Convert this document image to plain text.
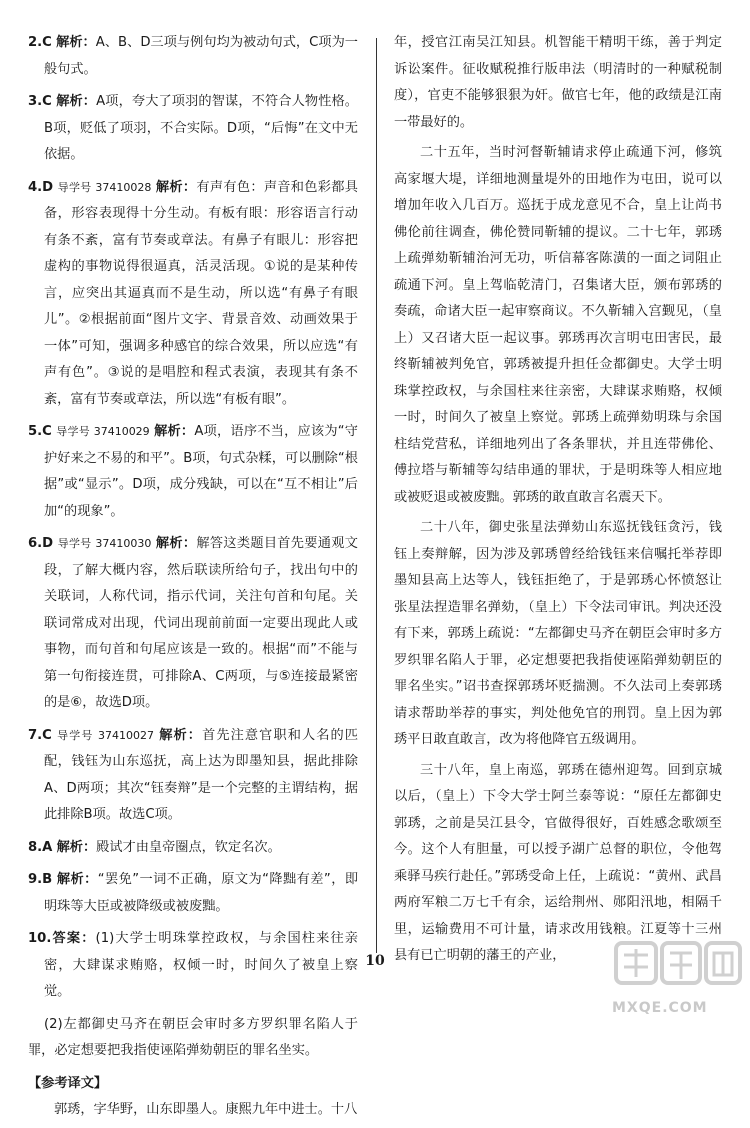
2.C 解析：A、B、D三项与例句均为被动句式，C项为一般句式。
3.C 解析：A项，夸大了项羽的智谋，不符合人物性格。B项，贬低了项羽，不合实际。D项，“后悔”在文中无依据。
4.D 导学号 37410028 解析：有声有色：声音和色彩都具备，形容表现得十分生动。有板有眼：形容语言行动有条不紊，富有节奏或章法。有鼻子有眼儿：形容把虚构的事物说得很逼真，活灵活现。①说的是某种传言，应突出其逼真而不是生动，所以选“有鼻子有眼儿”。②根据前面“图片文字、背景音效、动画效果于一体”可知，强调多种感官的综合效果，所以应选“有声有色”。③说的是唱腔和程式表演，表现其有条不紊，富有节奏或章法，所以选“有板有眼”。
5.C 导学号 37410029 解析：A项，语序不当，应该为“守护好来之不易的和平”。B项，句式杂糅，可以删除“根据”或“显示”。D项，成分残缺，可以在“互不相让”后加“的现象”。
6.D 导学号 37410030 解析：解答这类题目首先要通观文段，了解大概内容，然后联读所给句子，找出句中的关联词，人称代词，指示代词，关注句首和句尾。关联词常成对出现，代词出现前前面一定要出现此人或事物，而句首和句尾应该是一致的。根据“而”不能与第一句衔接连贯，可排除A、C两项，与⑤连接最紧密的是⑥，故选D项。
7.C 导学号 37410027 解析：首先注意官职和人名的匹配，钱钰为山东巡抚，高上达为即墨知县，据此排除A、D两项；其次“钰奏辩”是一个完整的主谓结构，据此排除B项。故选C项。
8.A 解析：殿试才由皇帝圈点，钦定名次。
9.B 解析：“罢免”一词不正确，原文为“降黜有差”，即明珠等大臣或被降级或被废黜。
10.答案：(1)大学士明珠掌控政权，与余国柱来往亲密，大肆谋求贿赂，权倾一时，时间久了被皇上察觉。
(2)左都御史马齐在朝臣会审时多方罗织罪名陷人于罪，必定想要把我指使诬陷弹劾朝臣的罪名坐实。
【参考译文】
郭琇，字华野，山东即墨人。康熙九年中进士。十八
年，授官江南吴江知县。机智能干精明干练，善于判定诉讼案件。征收赋税推行版串法（明清时的一种赋税制度），官吏不能够狠狠为奸。做官七年，他的政绩是江南一带最好的。
二十五年，当时河督靳辅请求停止疏通下河，修筑高家堰大堤，详细地测量堤外的田地作为屯田，说可以增加年收入几百万。巡抚于成龙意见不合，皇上让尚书佛伦前往调查，佛伦赞同靳辅的提议。二十七年，郭琇上疏弹劾靳辅治河无功，听信幕客陈潢的一面之词阻止疏通下河。皇上驾临乾清门，召集诸大臣，颁布郭琇的奏疏，命诸大臣一起审察商议。不久靳辅入宫觐见，（皇上）又召诸大臣一起议事。郭琇再次言明屯田害民，最终靳辅被判免官，郭琇被提升担任佥都御史。大学士明珠掌控政权，与余国柱来往亲密，大肆谋求贿赂，权倾一时，时间久了被皇上察觉。郭琇上疏弹劾明珠与余国柱结党营私，详细地列出了各条罪状，并且连带佛伦、傅拉塔与靳辅等勾结串通的罪状，于是明珠等人相应地或被贬退或被废黜。郭琇的敢直敢言名震天下。
二十八年，御史张星法弹劾山东巡抚钱钰贪污，钱钰上奏辩解，因为涉及郭琇曾经给钱钰来信嘱托举荐即墨知县高上达等人，钱钰拒绝了，于是郭琇心怀愤怒让张星法捏造罪名弹劾，（皇上）下令法司审讯。判决还没有下来，郭琇上疏说：“左都御史马齐在朝臣会审时多方罗织罪名陷人于罪，必定想要把我指使诬陷弹劾朝臣的罪名坐实。”诏书查探郭琇坏贬揣测。不久法司上奏郭琇请求帮助举荐的事实，判处他免官的刑罚。皇上因为郭琇平日敢直敢言，改为将他降官五级调用。
三十八年，皇上南巡，郭琇在德州迎驾。回到京城以后，（皇上）下令大学士阿兰泰等说：“原任左都御史郭琇，之前是吴江县令，官做得很好，百姓感念歌颂至今。这个人有胆量，可以授予湖广总督的职位，令他驾乘驿马疾行赴任。”郭琇受命上任，上疏说：“黄州、武昌两府军粮二万七千有余，运给荆州、郧阳汛地，相隔千里，运输费用不可计量，请求改用钱粮。江夏等十三州县有已亡明朝的藩王的产业，
10
MXQE.COM
